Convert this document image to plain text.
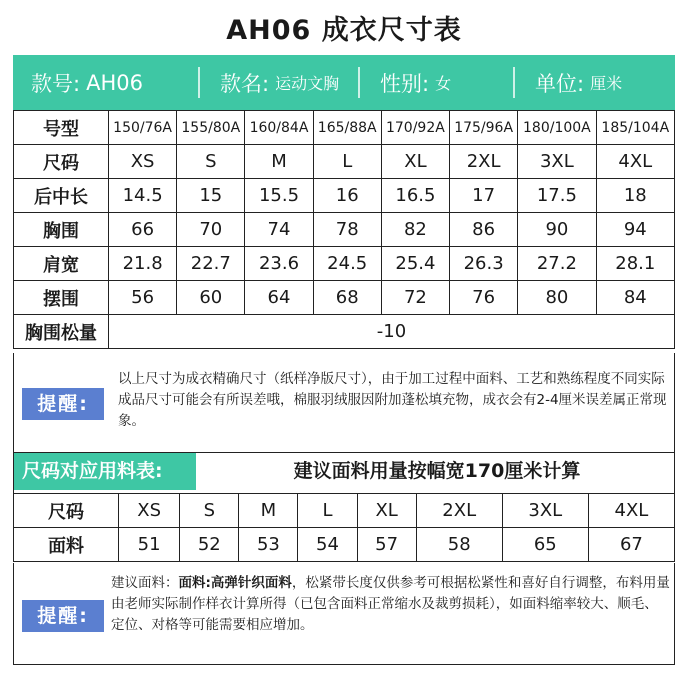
AH06 成衣尺寸表
款号: AH06	款名: 运动文胸 性别: 女	单位: 厘米
号型	150/76A	155/80A	160/84A	165/88A	170/92A	175/96A	180/100A	185/104A
尺码	XS	S	M	L	XL	2XL	3XL	4XL
后中长	14.5	15	15.5	16	16.5	17	17.5	18
胸围	66	70	74	78	82	86	90	94
肩宽	21.8	22.7	23.6	24.5	25.4	26.3	27.2	28.1
摆围	56	60	64	68	72	76	80	84
胸围松量	-10							
提醒:
以上尺寸为成衣精确尺寸（纸样净版尺寸），由于加工过程中面料、工艺和熟练程度不同实际成品尺寸可能会有所误差哦，棉服羽绒服因附加蓬松填充物，成衣会有2-4厘米误差属正常现象。
尺码对应用料表:	建议面料用量按幅宽170厘米计算
尺码	XS	S	M	L	XL	2XL	3XL	4XL
面料	51	52	53	54	57	58	65	67
提醒:
建议面料：面料:高弹针织面料，松紧带长度仅供参考可根据松紧性和喜好自行调整，布料用量由老师实际制作样衣计算所得（已包含面料正常缩水及裁剪损耗），如面料缩率较大、顺毛、定位、对格等可能需要相应增加。
